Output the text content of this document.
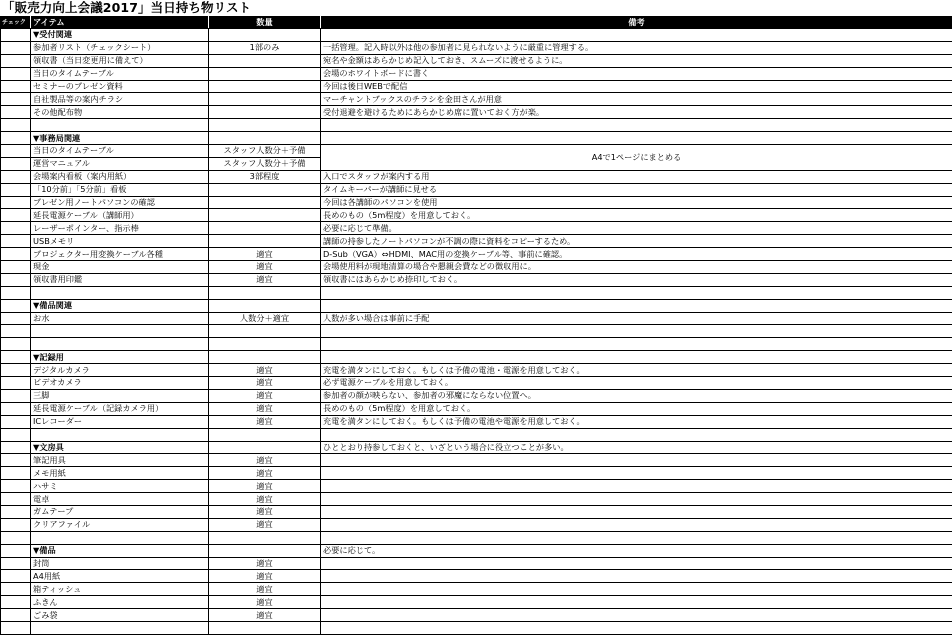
「販売力向上会議2017」当日持ち物リスト
チェック	アイテム	数量	備考
	▼受付関連		
	参加者リスト（チェックシート）	1部のみ	一括管理。記入時以外は他の参加者に見られないように厳重に管理する。
	領収書（当日変更用に備えて）		宛名や金額はあらかじめ記入しておき、スムーズに渡せるように。
	当日のタイムテーブル		会場のホワイトボードに書く
	セミナーのプレゼン資料		今回は後日WEBで配信
	自社製品等の案内チラシ		マーチャントブックスのチラシを金田さんが用意
	その他配布物		受付退避を避けるためにあらかじめ席に置いておく方が楽。

	▼事務局関連		
	当日のタイムテーブル	スタッフ人数分＋予備	A4で1ページにまとめる
	運営マニュアル	スタッフ人数分＋予備	
	会場案内看板（案内用紙）	3部程度	入口でスタッフが案内する用
	「10分前」「5分前」看板		タイムキーパーが講師に見せる
	プレゼン用ノートパソコンの確認		今回は各講師のパソコンを使用
	延長電源ケーブル（講師用）		長めのもの（5m程度）を用意しておく。
	レーザーポインター、指示棒		必要に応じて準備。
	USBメモリ		講師の持参したノートパソコンが不調の際に資料をコピーするため。
	プロジェクター用変換ケーブル各種	適宜	D-Sub（VGA）⇔HDMI、MAC用の変換ケーブル等、事前に確認。
	現金	適宜	会場使用料が現地清算の場合や懇親会費などの徴収用に。
	領収書用印鑑	適宜	領収書にはあらかじめ捺印しておく。

	▼備品関連		
	お水	人数分＋適宜	人数が多い場合は事前に手配

	▼記録用		
	デジタルカメラ	適宜	充電を満タンにしておく。もしくは予備の電池・電源を用意しておく。
	ビデオカメラ	適宜	必ず電源ケーブルを用意しておく。
	三脚	適宜	参加者の顔が映らない、参加者の邪魔にならない位置へ。
	延長電源ケーブル（記録カメラ用）	適宜	長めのもの（5m程度）を用意しておく。
	ICレコーダー	適宜	充電を満タンにしておく。もしくは予備の電池や電源を用意しておく。

	▼文房具		ひととおり持参しておくと、いざという場合に役立つことが多い。
	筆記用具	適宜	
	メモ用紙	適宜	
	ハサミ	適宜	
	電卓	適宜	
	ガムテープ	適宜	
	クリアファイル	適宜	

	▼備品		必要に応じて。
	封筒	適宜	
	A4用紙	適宜	
	箱ティッシュ	適宜	
	ふきん	適宜	
	ごみ袋	適宜	
